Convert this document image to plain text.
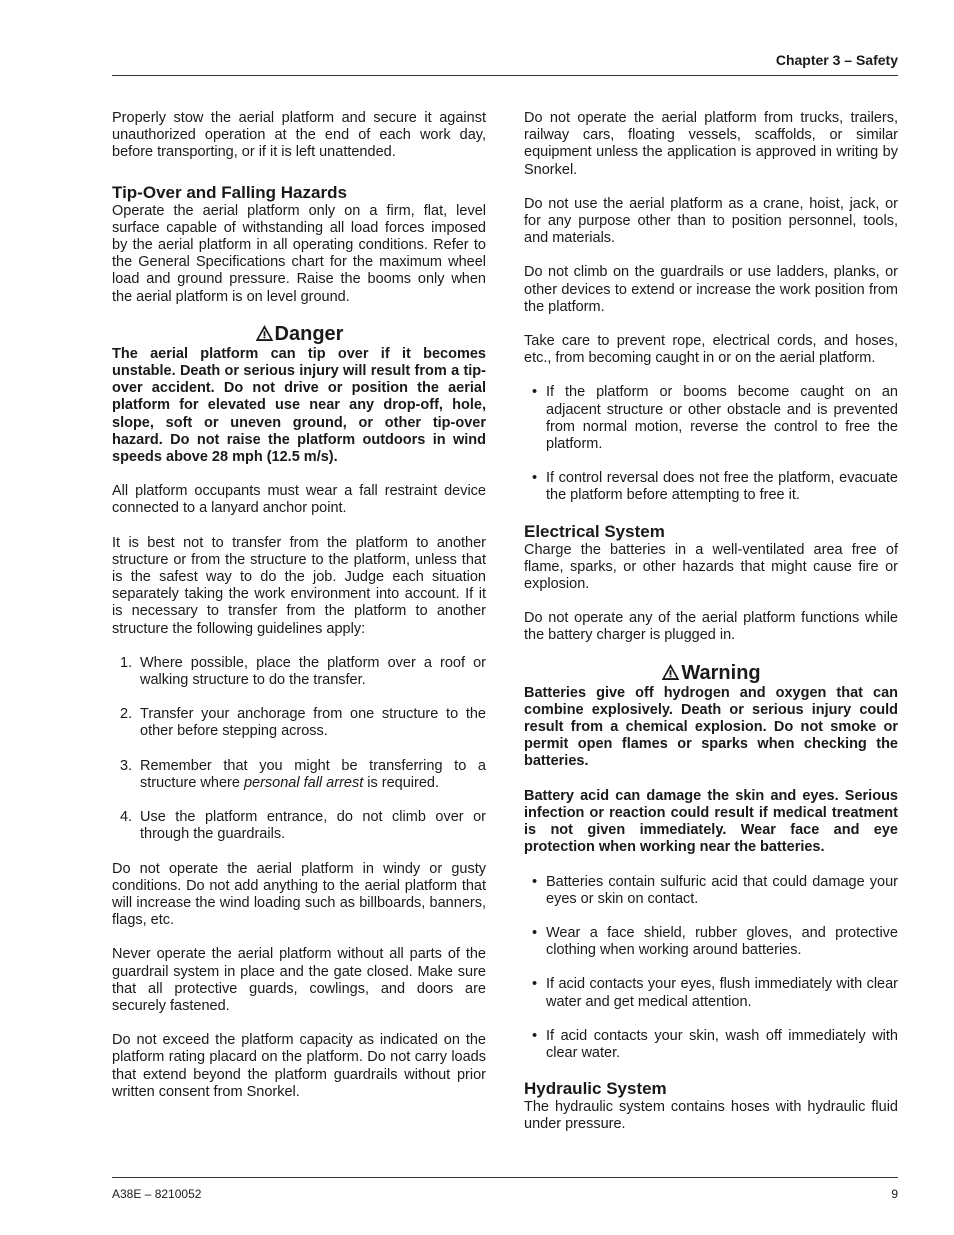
Chapter 3 – Safety

Properly stow the aerial platform and secure it against unauthorized operation at the end of each work day, before transporting, or if it is left unattended.

Tip-Over and Falling Hazards

Operate the aerial platform only on a firm, flat, level surface capable of withstanding all load forces imposed by the aerial platform in all operating conditions. Refer to the General Specifications chart for the maximum wheel load and ground pressure. Raise the booms only when the aerial platform is on level ground.

Danger

The aerial platform can tip over if it becomes unstable. Death or serious injury will result from a tip-over accident. Do not drive or position the aerial platform for elevated use near any drop-off, hole, slope, soft or uneven ground, or other tip-over hazard. Do not raise the platform outdoors in wind speeds above 28 mph (12.5 m/s).

All platform occupants must wear a fall restraint device connected to a lanyard anchor point.

It is best not to transfer from the platform to another structure or from the structure to the platform, unless that is the safest way to do the job. Judge each situation separately taking the work environment into account. If it is necessary to transfer from the platform to another structure the following guidelines apply:

1. Where possible, place the platform over a roof or walking structure to do the transfer.
2. Transfer your anchorage from one structure to the other before stepping across.
3. Remember that you might be transferring to a structure where personal fall arrest is required.
4. Use the platform entrance, do not climb over or through the guardrails.

Do not operate the aerial platform in windy or gusty conditions. Do not add anything to the aerial platform that will increase the wind loading such as billboards, banners, flags, etc.

Never operate the aerial platform without all parts of the guardrail system in place and the gate closed. Make sure that all protective guards, cowlings, and doors are securely fastened.

Do not exceed the platform capacity as indicated on the platform rating placard on the platform. Do not carry loads that extend beyond the platform guardrails without prior written consent from Snorkel.

Do not operate the aerial platform from trucks, trailers, railway cars, floating vessels, scaffolds, or similar equipment unless the application is approved in writing by Snorkel.

Do not use the aerial platform as a crane, hoist, jack, or for any purpose other than to position personnel, tools, and materials.

Do not climb on the guardrails or use ladders, planks, or other devices to extend or increase the work position from the platform.

Take care to prevent rope, electrical cords, and hoses, etc., from becoming caught in or on the aerial platform.

• If the platform or booms become caught on an adjacent structure or other obstacle and is prevented from normal motion, reverse the control to free the platform.
• If control reversal does not free the platform, evacuate the platform before attempting to free it.
Electrical System

Charge the batteries in a well-ventilated area free of flame, sparks, or other hazards that might cause fire or explosion.

Do not operate any of the aerial platform functions while the battery charger is plugged in.

Warning

Batteries give off hydrogen and oxygen that can combine explosively. Death or serious injury could result from a chemical explosion. Do not smoke or permit open flames or sparks when checking the batteries.

Battery acid can damage the skin and eyes. Serious infection or reaction could result if medical treatment is not given immediately. Wear face and eye protection when working near the batteries.

• Batteries contain sulfuric acid that could damage your eyes or skin on contact.
• Wear a face shield, rubber gloves, and protective clothing when working around batteries.
• If acid contacts your eyes, flush immediately with clear water and get medical attention.
• If acid contacts your skin, wash off immediately with clear water.
Hydraulic System

The hydraulic system contains hoses with hydraulic fluid under pressure.

A38E – 8210052	9
